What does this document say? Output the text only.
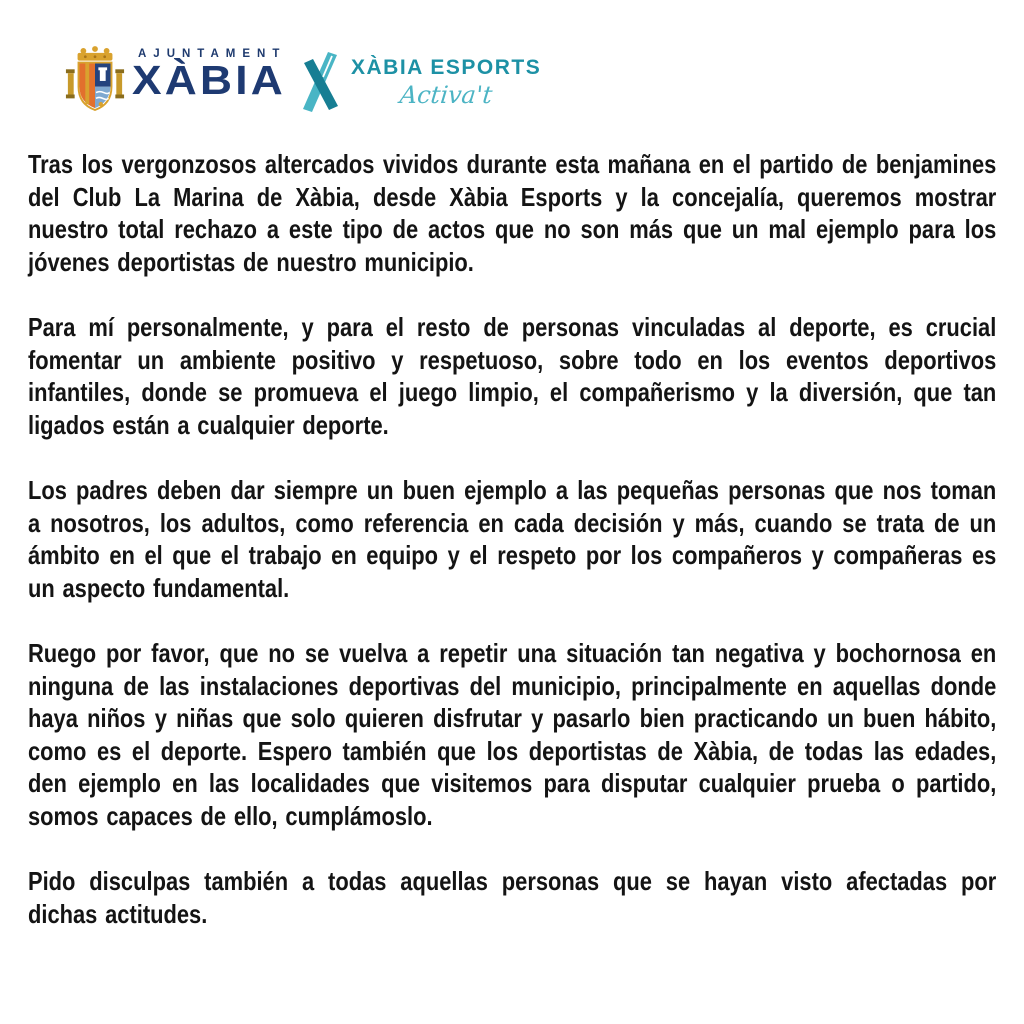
AJUNTAMENT
XÀBIA	XÀBIA ESPORTS
Activa't

Tras los vergonzosos altercados vividos durante esta mañana en el partido de benjamines del Club La Marina de Xàbia, desde Xàbia Esports y la concejalía, queremos mostrar nuestro total rechazo a este tipo de actos que no son más que un mal ejemplo para los jóvenes deportistas de nuestro municipio.

Para mí personalmente, y para el resto de personas vinculadas al deporte, es crucial fomentar un ambiente positivo y respetuoso, sobre todo en los eventos deportivos infantiles, donde se promueva el juego limpio, el compañerismo y la diversión, que tan ligados están a cualquier deporte.

Los padres deben dar siempre un buen ejemplo a las pequeñas personas que nos toman a nosotros, los adultos, como referencia en cada decisión y más, cuando se trata de un ámbito en el que el trabajo en equipo y el respeto por los compañeros y compañeras es un aspecto fundamental.

Ruego por favor, que no se vuelva a repetir una situación tan negativa y bochornosa en ninguna de las instalaciones deportivas del municipio, principalmente en aquellas donde haya niños y niñas que solo quieren disfrutar y pasarlo bien practicando un buen hábito, como es el deporte. Espero también que los deportistas de Xàbia, de todas las edades, den ejemplo en las localidades que visitemos para disputar cualquier prueba o partido, somos capaces de ello, cumplámoslo.

Pido disculpas también a todas aquellas personas que se hayan visto afectadas por dichas actitudes.
